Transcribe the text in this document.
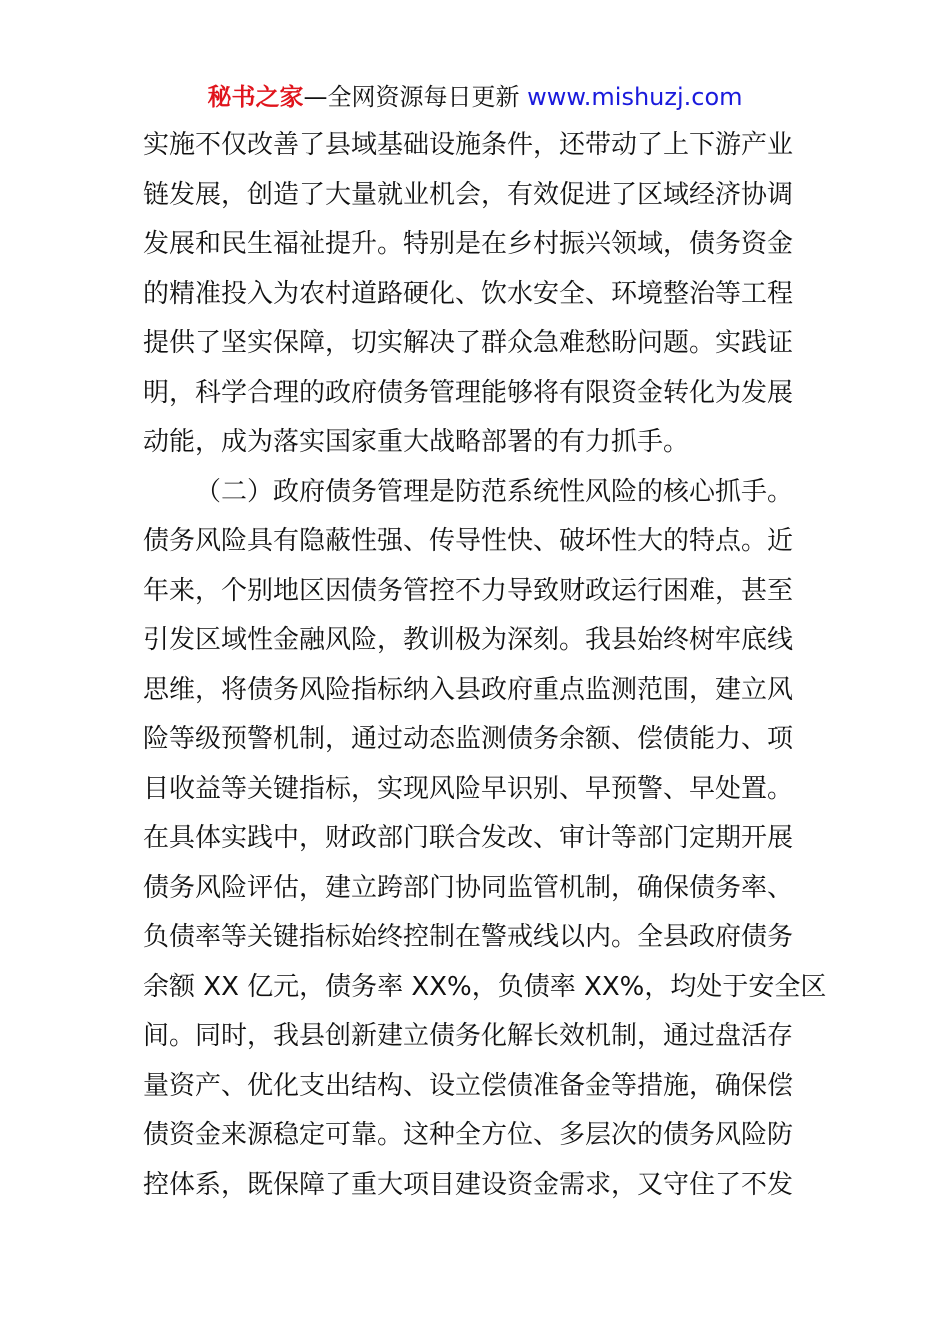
秘书之家—全网资源每日更新 www.mishuzj.com
实施不仅改善了县域基础设施条件，还带动了上下游产业
链发展，创造了大量就业机会，有效促进了区域经济协调
发展和民生福祉提升。特别是在乡村振兴领域，债务资金
的精准投入为农村道路硬化、饮水安全、环境整治等工程
提供了坚实保障，切实解决了群众急难愁盼问题。实践证
明，科学合理的政府债务管理能够将有限资金转化为发展
动能，成为落实国家重大战略部署的有力抓手。
（二）政府债务管理是防范系统性风险的核心抓手。
债务风险具有隐蔽性强、传导性快、破坏性大的特点。近
年来，个别地区因债务管控不力导致财政运行困难，甚至
引发区域性金融风险，教训极为深刻。我县始终树牢底线
思维，将债务风险指标纳入县政府重点监测范围，建立风
险等级预警机制，通过动态监测债务余额、偿债能力、项
目收益等关键指标，实现风险早识别、早预警、早处置。
在具体实践中，财政部门联合发改、审计等部门定期开展
债务风险评估，建立跨部门协同监管机制，确保债务率、
负债率等关键指标始终控制在警戒线以内。全县政府债务
余额 XX 亿元，债务率 XX%，负债率 XX%，均处于安全区
间。同时，我县创新建立债务化解长效机制，通过盘活存
量资产、优化支出结构、设立偿债准备金等措施，确保偿
债资金来源稳定可靠。这种全方位、多层次的债务风险防
控体系，既保障了重大项目建设资金需求，又守住了不发
